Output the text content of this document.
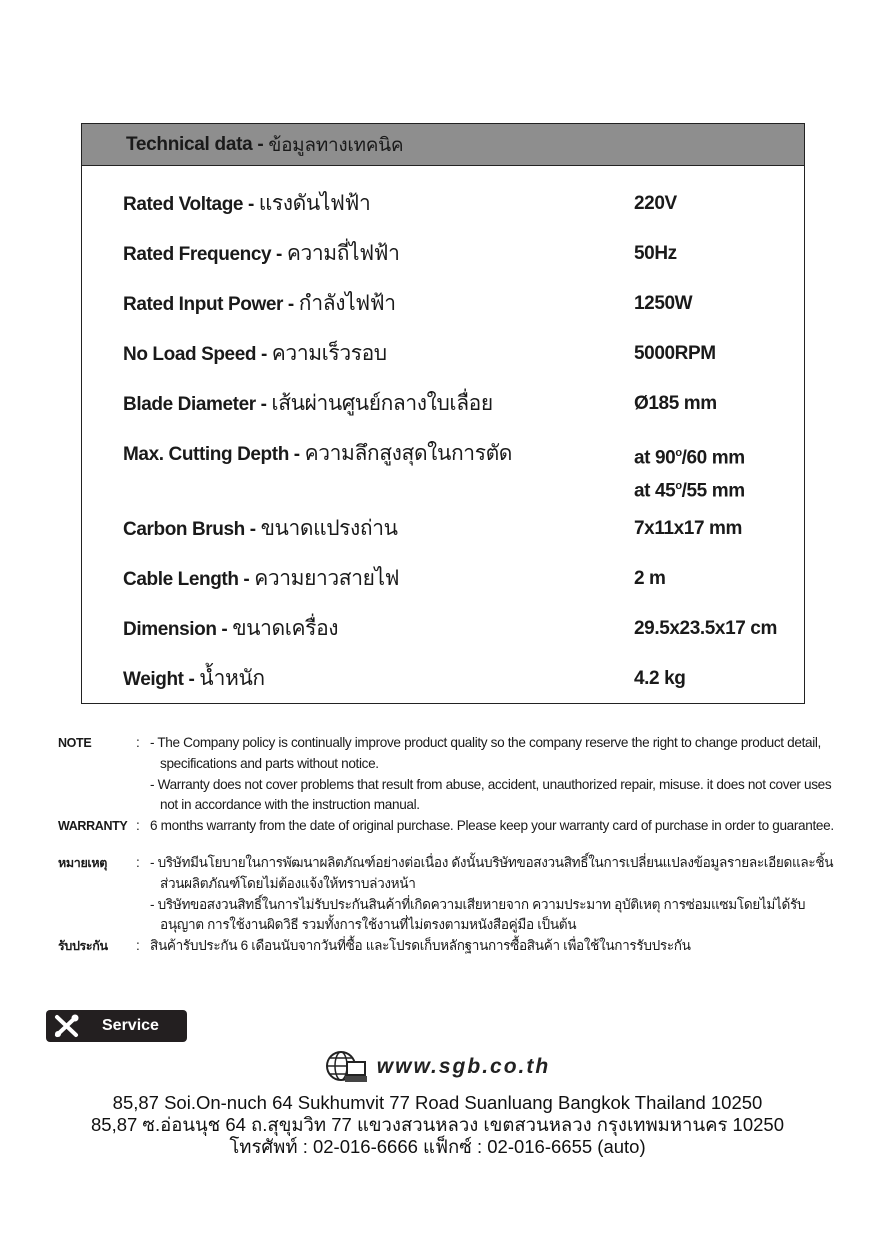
Technical data -
ข้อมูลทางเทคนิค
Rated Voltage - แรงดันไฟฟ้า	220V
Rated Frequency - ความถี่ไฟฟ้า	50Hz
Rated Input Power - กำลังไฟฟ้า	1250W
No Load Speed - ความเร็วรอบ	5000RPM
Blade Diameter - เส้นผ่านศูนย์กลางใบเลื่อย	Ø185 mm
Max. Cutting Depth - ความลึกสูงสุดในการตัด	at 90$^o$/60 mm
at 45$^o$/55 mm
Carbon Brush - ขนาดแปรงถ่าน	7x11x17 mm
Cable Length - ความยาวสายไฟ	2 m
Dimension - ขนาดเครื่อง	29.5x23.5x17 cm
Weight - น้ำหนัก	4.2 kg
NOTE	: - The Company policy is continually improve product quality so the company reserve the right to change product detail, specifications and parts without notice.
- Warranty does not cover problems that result from abuse, accident, unauthorized repair, misuse. it does not cover uses not in accordance with the instruction manual.
WARRANTY : 6 months warranty from the date of original purchase. Please keep your warranty card of purchase in order to guarantee.
หมายเหตุ	: - บริษัทมีนโยบายในการพัฒนาผลิตภัณฑ์อย่างต่อเนื่อง ดังนั้นบริษัทขอสงวนสิทธิ์ในการเปลี่ยนแปลงข้อมูลรายละเอียดและชิ้นส่วนผลิตภัณฑ์โดยไม่ต้องแจ้งให้ทราบล่วงหน้า
- บริษัทขอสงวนสิทธิ์ในการไม่รับประกันสินค้าที่เกิดความเสียหายจาก ความประมาท อุบัติเหตุ การซ่อมแซมโดยไม่ได้รับอนุญาต การใช้งานผิดวิธี รวมทั้งการใช้งานที่ไม่ตรงตามหนังสือคู่มือ เป็นต้น
รับประกัน	: สินค้ารับประกัน 6 เดือนนับจากวันที่ซื้อ และโปรดเก็บหลักฐานการซื้อสินค้า เพื่อใช้ในการรับประกัน
Service
www.sgb.co.th
85,87 Soi.On-nuch 64 Sukhumvit 77 Road Suanluang Bangkok Thailand 10250
85,87 ซ.อ่อนนุช 64 ถ.สุขุมวิท 77 แขวงสวนหลวง เขตสวนหลวง กรุงเทพมหานคร 10250
โทรศัพท์ : 02-016-6666 แฟ็กซ์ : 02-016-6655 (auto)
